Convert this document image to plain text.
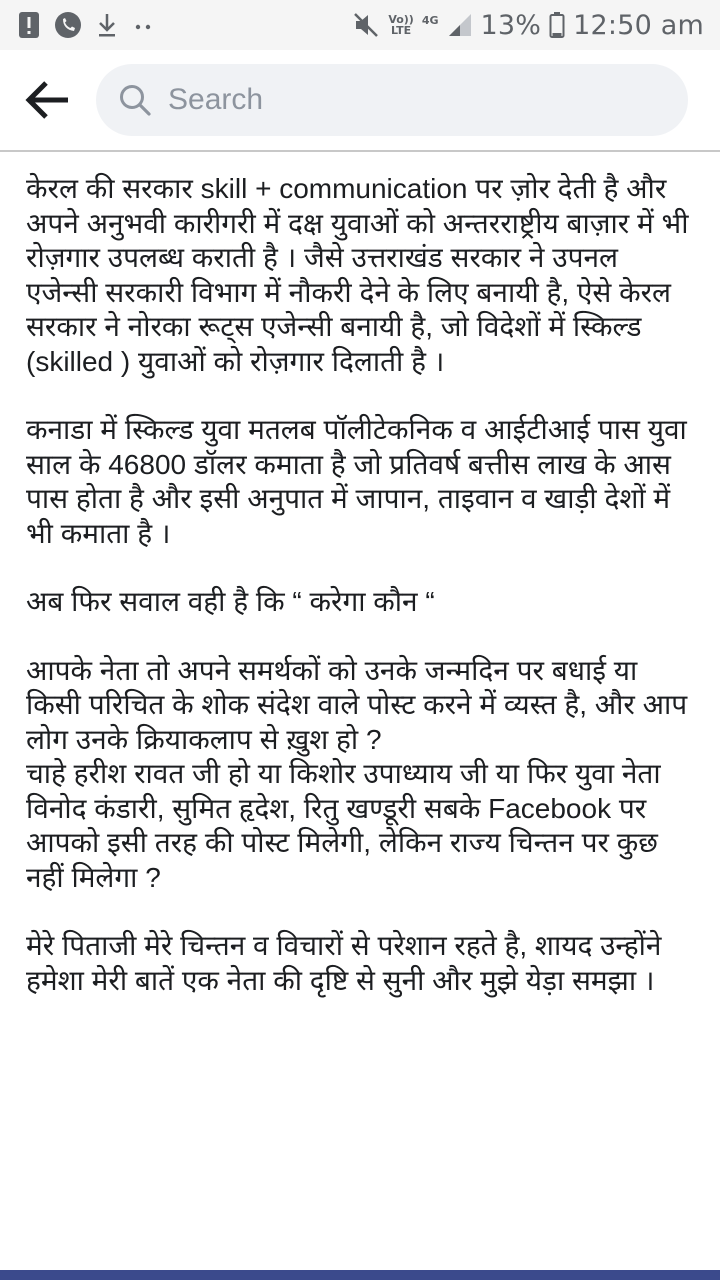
Vo))
LTE
4G 13% 12:50 am
Search

केरल की सरकार skill + communication पर ज़ोर देती है और अपने अनुभवी कारीगरी में दक्ष युवाओं को अन्तरराष्ट्रीय बाज़ार में भी रोज़गार उपलब्ध कराती है । जैसे उत्तराखंड सरकार ने उपनल एजेन्सी सरकारी विभाग में नौकरी देने के लिए बनायी है, ऐसे केरल सरकार ने नोरका रूट्स एजेन्सी बनायी है, जो विदेशों में स्किल्ड (skilled ) युवाओं को रोज़गार दिलाती है ।

कनाडा में स्किल्ड युवा मतलब पॉलीटेकनिक व आईटीआई पास युवा साल के 46800 डॉलर कमाता है जो प्रतिवर्ष बत्तीस लाख के आस पास होता है और इसी अनुपात में जापान, ताइवान व खाड़ी देशों में भी कमाता है ।

अब फिर सवाल वही है कि “ करेगा कौन “

आपके नेता तो अपने समर्थकों को उनके जन्मदिन पर बधाई या किसी परिचित के शोक संदेश वाले पोस्ट करने में व्यस्त है, और आप लोग उनके क्रियाकलाप से ख़ुश हो ?
चाहे हरीश रावत जी हो या किशोर उपाध्याय जी या फिर युवा नेता विनोद कंडारी, सुमित हृदेश, रितु खण्डूरी सबके Facebook पर आपको इसी तरह की पोस्ट मिलेगी, लेकिन राज्य चिन्तन पर कुछ नहीं मिलेगा ?

मेरे पिताजी मेरे चिन्तन व विचारों से परेशान रहते है, शायद उन्होंने हमेशा मेरी बातें एक नेता की दृष्टि से सुनी और मुझे येड़ा समझा ।
